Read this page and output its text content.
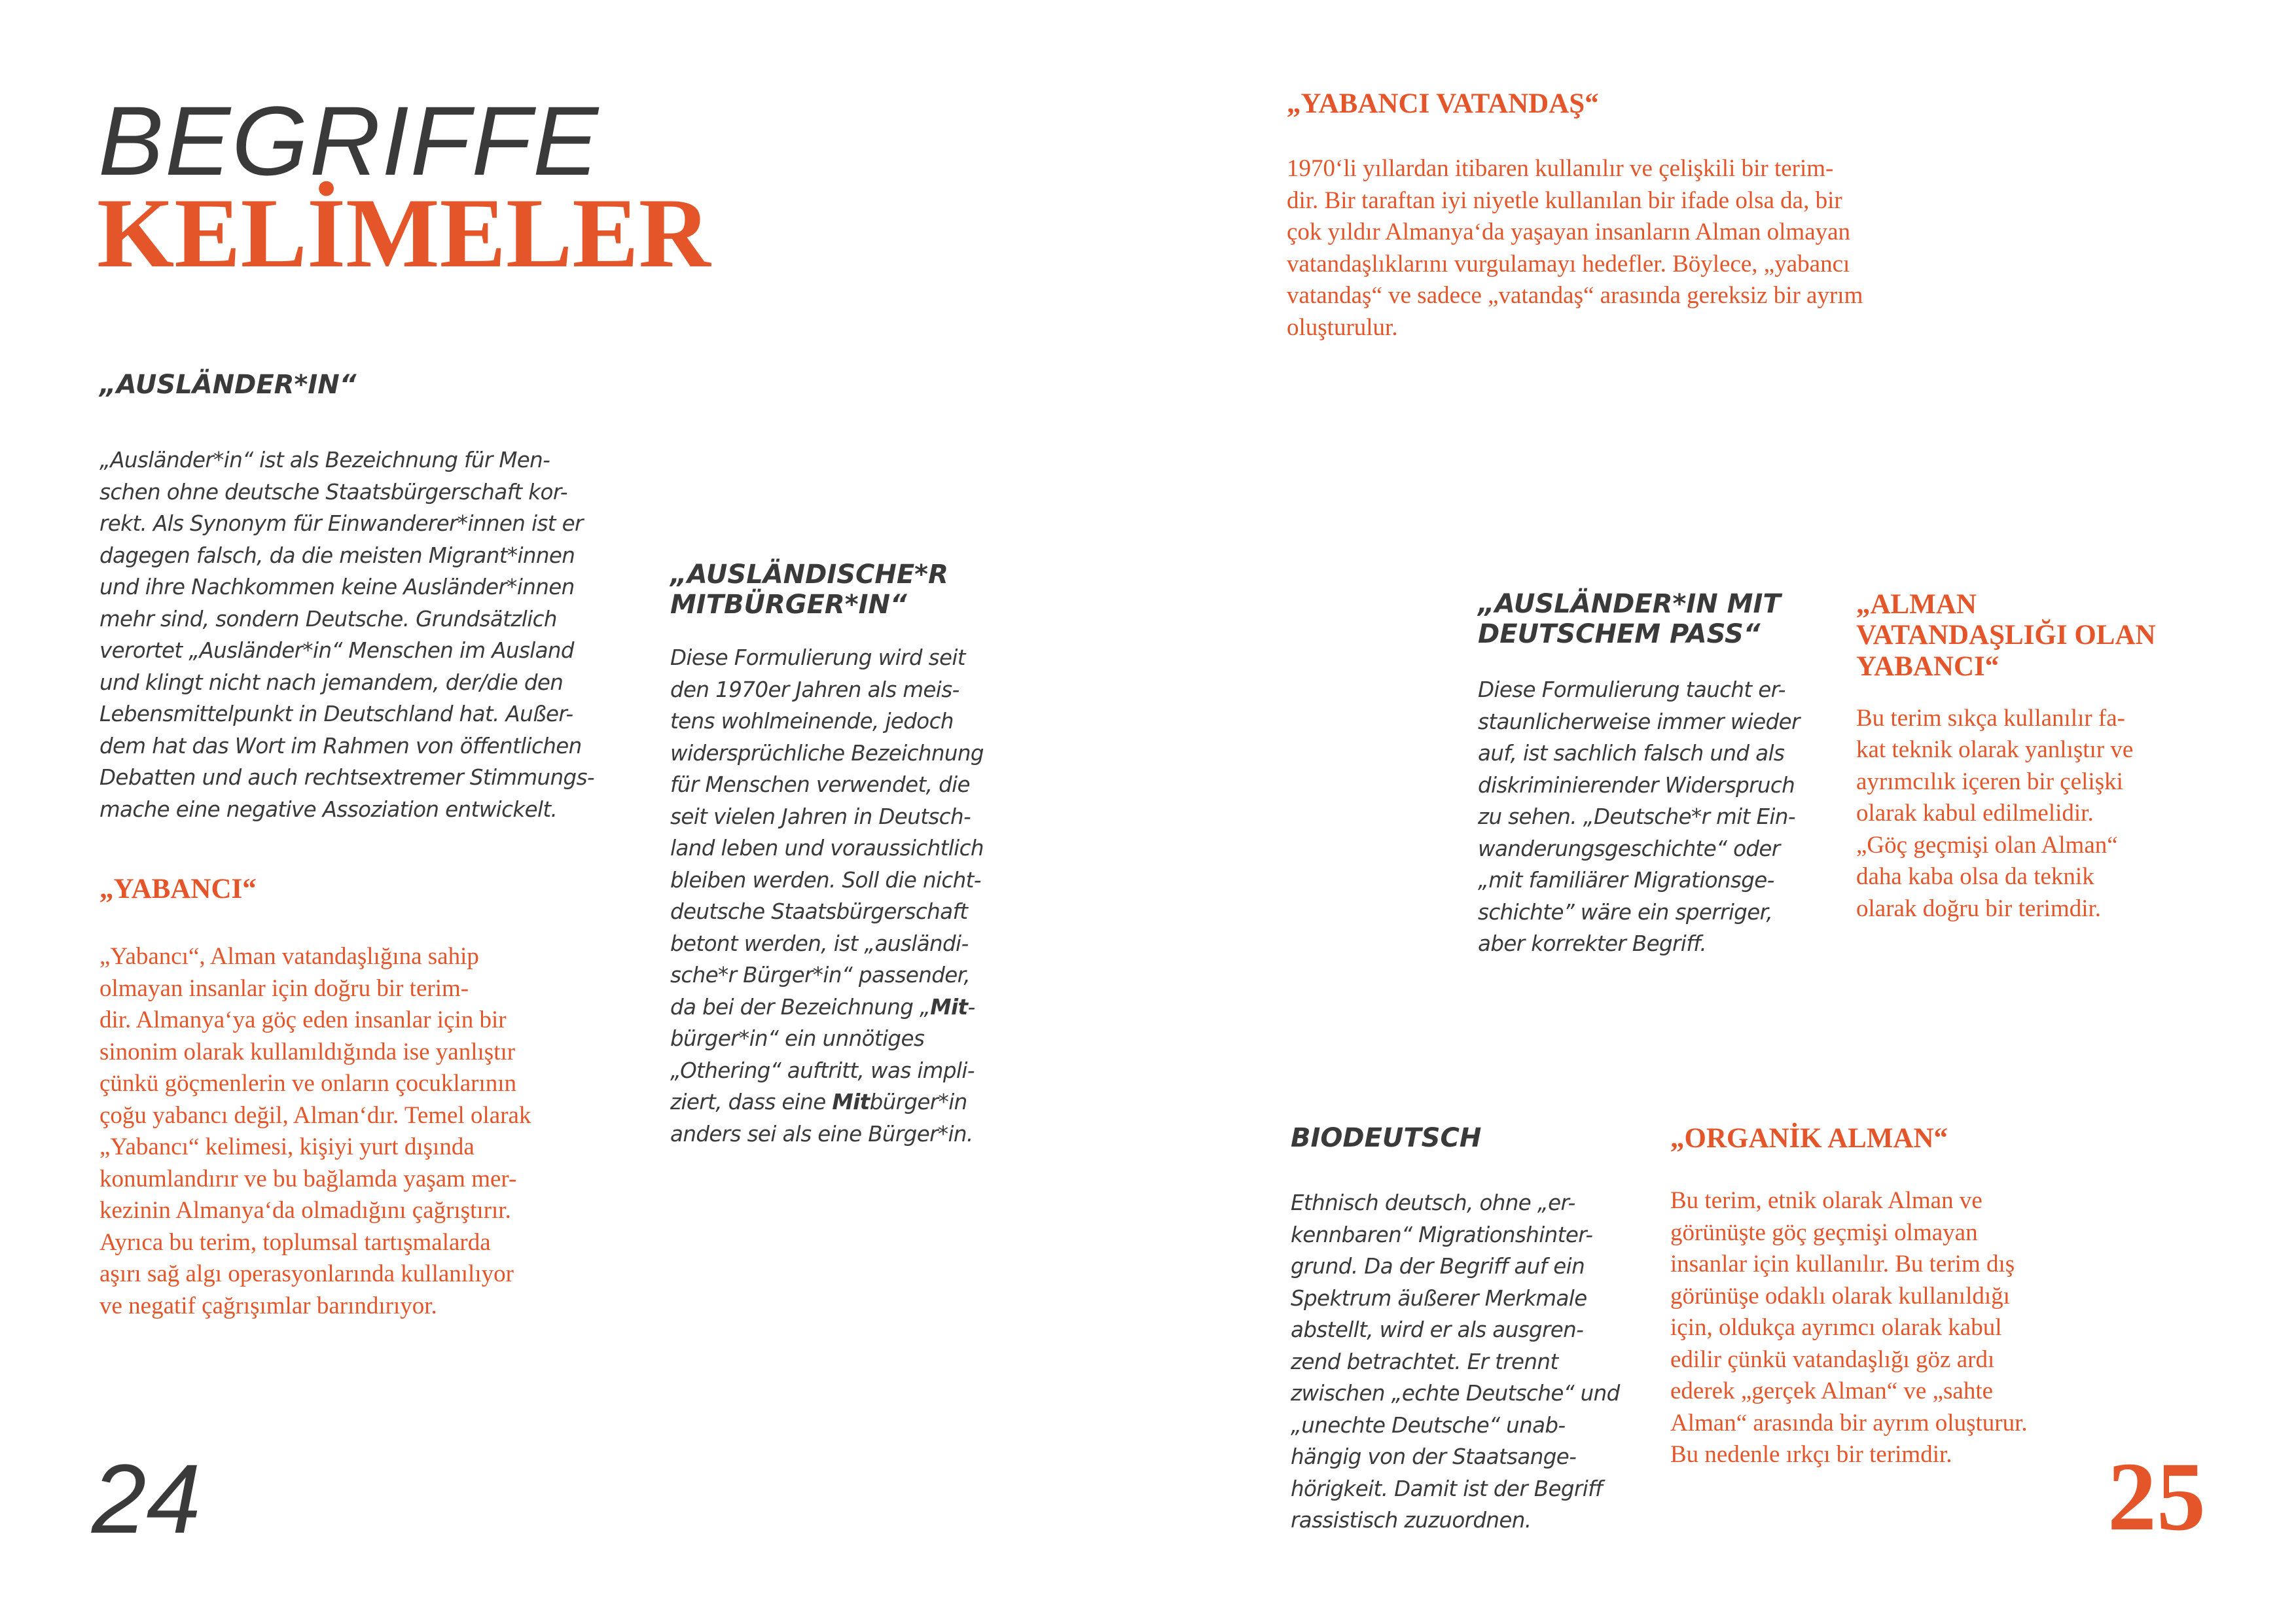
BEGRIFFE
KELİMELER
„AUSLÄNDER*IN“
„Ausländer*in“ ist als Bezeichnung für Men-
schen ohne deutsche Staatsbürgerschaft kor-
rekt. Als Synonym für Einwanderer*innen ist er
dagegen falsch, da die meisten Migrant*innen
und ihre Nachkommen keine Ausländer*innen
mehr sind, sondern Deutsche. Grundsätzlich
verortet „Ausländer*in“ Menschen im Ausland
und klingt nicht nach jemandem, der/die den
Lebensmittelpunkt in Deutschland hat. Außer-
dem hat das Wort im Rahmen von öffentlichen
Debatten und auch rechtsextremer Stimmungs-
mache eine negative Assoziation entwickelt.
„YABANCI“
„Yabancı“, Alman vatandaşlığına sahip
olmayan insanlar için doğru bir terim-
dir. Almanya‘ya göç eden insanlar için bir
sinonim olarak kullanıldığında ise yanlıştır
çünkü göçmenlerin ve onların çocuklarının
çoğu yabancı değil, Alman‘dır. Temel olarak
„Yabancı“ kelimesi, kişiyi yurt dışında
konumlandırır ve bu bağlamda yaşam mer-
kezinin Almanya‘da olmadığını çağrıştırır.
Ayrıca bu terim, toplumsal tartışmalarda
aşırı sağ algı operasyonlarında kullanılıyor
ve negatif çağrışımlar barındırıyor.
„AUSLÄNDISCHE*R
MITBÜRGER*IN“
Diese Formulierung wird seit
den 1970er Jahren als meis-
tens wohlmeinende, jedoch
widersprüchliche Bezeichnung
für Menschen verwendet, die
seit vielen Jahren in Deutsch-
land leben und voraussichtlich
bleiben werden. Soll die nicht-
deutsche Staatsbürgerschaft
betont werden, ist „ausländi-
sche*r Bürger*in“ passender,
da bei der Bezeichnung „Mit-
bürger*in“ ein unnötiges
„Othering“ auftritt, was impli-
ziert, dass eine Mitbürger*in
anders sei als eine Bürger*in.
„YABANCI VATANDAŞ“
1970‘li yıllardan itibaren kullanılır ve çelişkili bir terim-
dir. Bir taraftan iyi niyetle kullanılan bir ifade olsa da, bir
çok yıldır Almanya‘da yaşayan insanların Alman olmayan
vatandaşlıklarını vurgulamayı hedefler. Böylece, „yabancı
vatandaş“ ve sadece „vatandaş“ arasında gereksiz bir ayrım
oluşturulur.
„AUSLÄNDER*IN MIT
DEUTSCHEM PASS“
Diese Formulierung taucht er-
staunlicherweise immer wieder
auf, ist sachlich falsch und als
diskriminierender Widerspruch
zu sehen. „Deutsche*r mit Ein-
wanderungsgeschichte“ oder
„mit familiärer Migrationsge-
schichte” wäre ein sperriger,
aber korrekter Begriff.
„ALMAN
VATANDAŞLIĞI OLAN
YABANCI“
Bu terim sıkça kullanılır fa-
kat teknik olarak yanlıştır ve
ayrımcılık içeren bir çelişki
olarak kabul edilmelidir.
„Göç geçmişi olan Alman“
daha kaba olsa da teknik
olarak doğru bir terimdir.
BIODEUTSCH
Ethnisch deutsch, ohne „er-
kennbaren“ Migrationshinter-
grund. Da der Begriff auf ein
Spektrum äußerer Merkmale
abstellt, wird er als ausgren-
zend betrachtet. Er trennt
zwischen „echte Deutsche“ und
„unechte Deutsche“ unab-
hängig von der Staatsange-
hörigkeit. Damit ist der Begriff
rassistisch zuzuordnen.
„ORGANİK ALMAN“
Bu terim, etnik olarak Alman ve
görünüşte göç geçmişi olmayan
insanlar için kullanılır. Bu terim dış
görünüşe odaklı olarak kullanıldığı
için, oldukça ayrımcı olarak kabul
edilir çünkü vatandaşlığı göz ardı
ederek „gerçek Alman“ ve „sahte
Alman“ arasında bir ayrım oluşturur.
Bu nedenle ırkçı bir terimdir.
24	25
